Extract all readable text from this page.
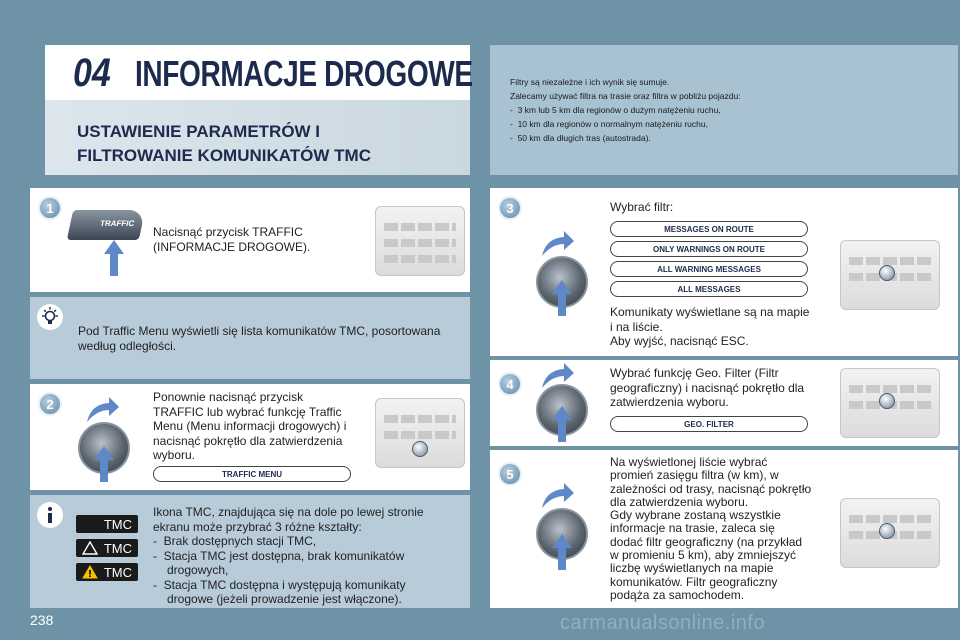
04 INFORMACJE DROGOWE
USTAWIENIE PARAMETRÓW I
FILTROWANIE KOMUNIKATÓW TMC
Filtry są niezależne i ich wynik się sumuje.
Zalecamy używać filtra na trasie oraz filtra w pobliżu pojazdu:
-  3 km lub 5 km dla regionów o dużym natężeniu ruchu,
-  10 km dla regionów o normalnym natężeniu ruchu,
-  50 km dla długich tras (autostrada).
1
TRAFFIC
Nacisnąć przycisk TRAFFIC
(INFORMACJE DROGOWE).
Pod Traffic Menu wyświetli się lista komunikatów TMC, posortowana
według odległości.
2	Ponownie nacisnąć przycisk
TRAFFIC lub wybrać funkcję Traffic
Menu (Menu informacji drogowych) i
nacisnąć pokrętło dla zatwierdzenia
wyboru.
TRAFFIC MENU
TMC
TMC
TMC
Ikona TMC, znajdująca się na dole po lewej stronie
ekranu może przybrać 3 różne kształty:
-  Brak dostępnych stacji TMC,
-  Stacja TMC jest dostępna, brak komunikatów
drogowych,
-  Stacja TMC dostępna i występują komunikaty
drogowe (jeżeli prowadzenie jest włączone).
3	Wybrać filtr:
MESSAGES ON ROUTE
ONLY WARNINGS ON ROUTE
ALL WARNING MESSAGES
ALL MESSAGES
Komunikaty wyświetlane są na mapie
i na liście.
Aby wyjść, nacisnąć ESC.
4
Wybrać funkcję Geo. Filter (Filtr
geograficzny) i nacisnąć pokrętło dla
zatwierdzenia wyboru.
GEO. FILTER
5
Na wyświetlonej liście wybrać
promień zasięgu filtra (w km), w
zależności od trasy, nacisnąć pokrętło
dla zatwierdzenia wyboru.
Gdy wybrane zostaną wszystkie
informacje na trasie, zaleca się
dodać filtr geograficzny (na przykład
w promieniu 5 km), aby zmniejszyć
liczbę wyświetlanych na mapie
komunikatów. Filtr geograficzny
podąża za samochodem.
238	carmanualsonline.info
